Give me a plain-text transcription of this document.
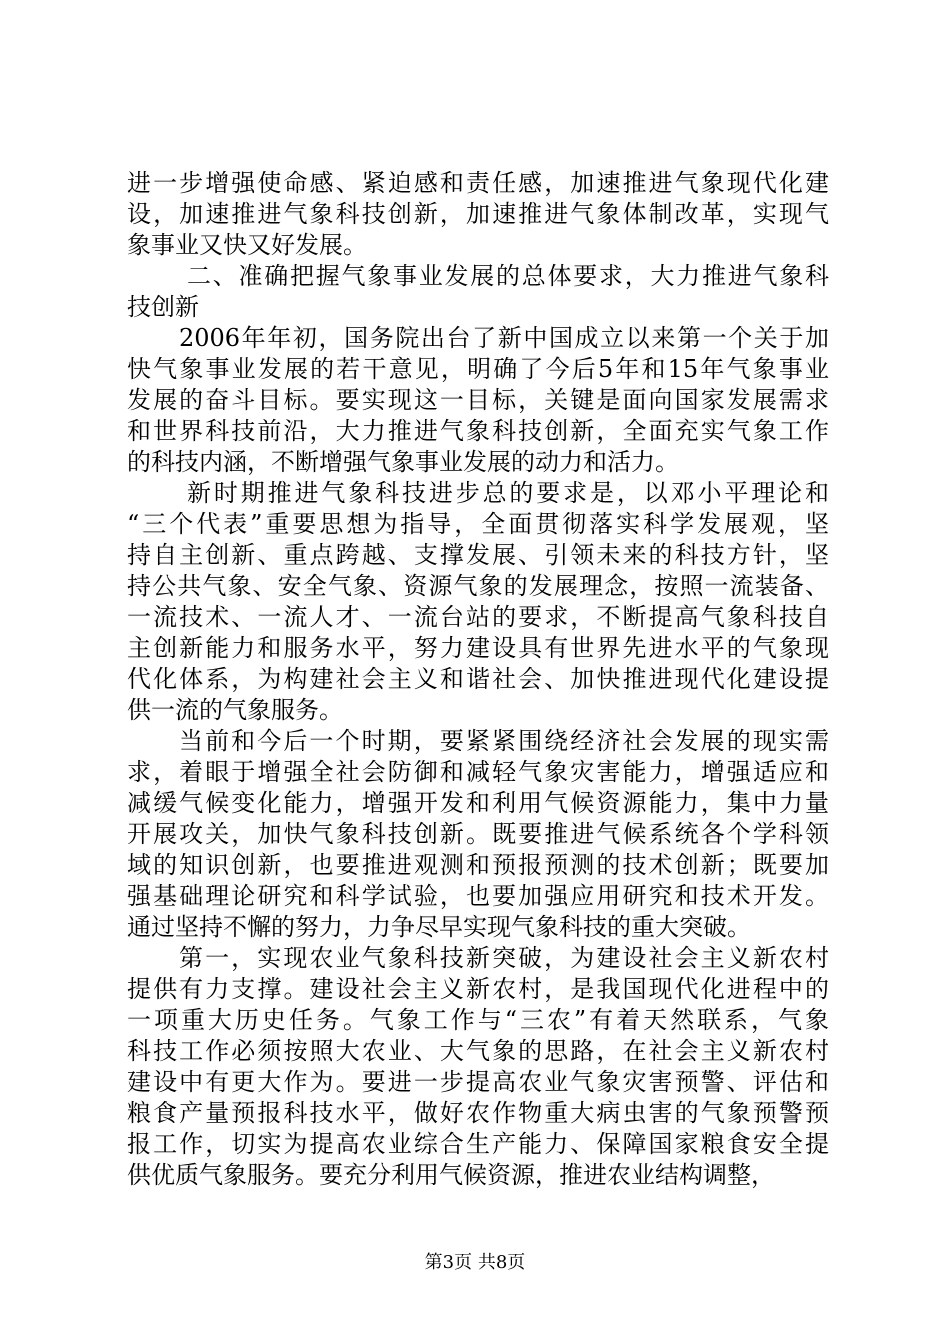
进一步增强使命感、紧迫感和责任感，加速推进气象现代化建
设，加速推进气象科技创新，加速推进气象体制改革，实现气
象事业又快又好发展。
二、准确把握气象事业发展的总体要求，大力推进气象科
技创新
2006年年初，国务院出台了新中国成立以来第一个关于加
快气象事业发展的若干意见，明确了今后5年和15年气象事业
发展的奋斗目标。要实现这一目标，关键是面向国家发展需求
和世界科技前沿，大力推进气象科技创新，全面充实气象工作
的科技内涵，不断增强气象事业发展的动力和活力。
新时期推进气象科技进步总的要求是，以邓小平理论和
“三个代表”重要思想为指导，全面贯彻落实科学发展观，坚
持自主创新、重点跨越、支撑发展、引领未来的科技方针，坚
持公共气象、安全气象、资源气象的发展理念，按照一流装备、
一流技术、一流人才、一流台站的要求，不断提高气象科技自
主创新能力和服务水平，努力建设具有世界先进水平的气象现
代化体系，为构建社会主义和谐社会、加快推进现代化建设提
供一流的气象服务。
当前和今后一个时期，要紧紧围绕经济社会发展的现实需
求，着眼于增强全社会防御和减轻气象灾害能力，增强适应和
减缓气候变化能力，增强开发和利用气候资源能力，集中力量
开展攻关，加快气象科技创新。既要推进气候系统各个学科领
域的知识创新，也要推进观测和预报预测的技术创新；既要加
强基础理论研究和科学试验，也要加强应用研究和技术开发。
通过坚持不懈的努力，力争尽早实现气象科技的重大突破。
第一，实现农业气象科技新突破，为建设社会主义新农村
提供有力支撑。建设社会主义新农村，是我国现代化进程中的
一项重大历史任务。气象工作与“三农”有着天然联系，气象
科技工作必须按照大农业、大气象的思路，在社会主义新农村
建设中有更大作为。要进一步提高农业气象灾害预警、评估和
粮食产量预报科技水平，做好农作物重大病虫害的气象预警预
报工作，切实为提高农业综合生产能力、保障国家粮食安全提
供优质气象服务。要充分利用气候资源，推进农业结构调整，
第3页 共8页
